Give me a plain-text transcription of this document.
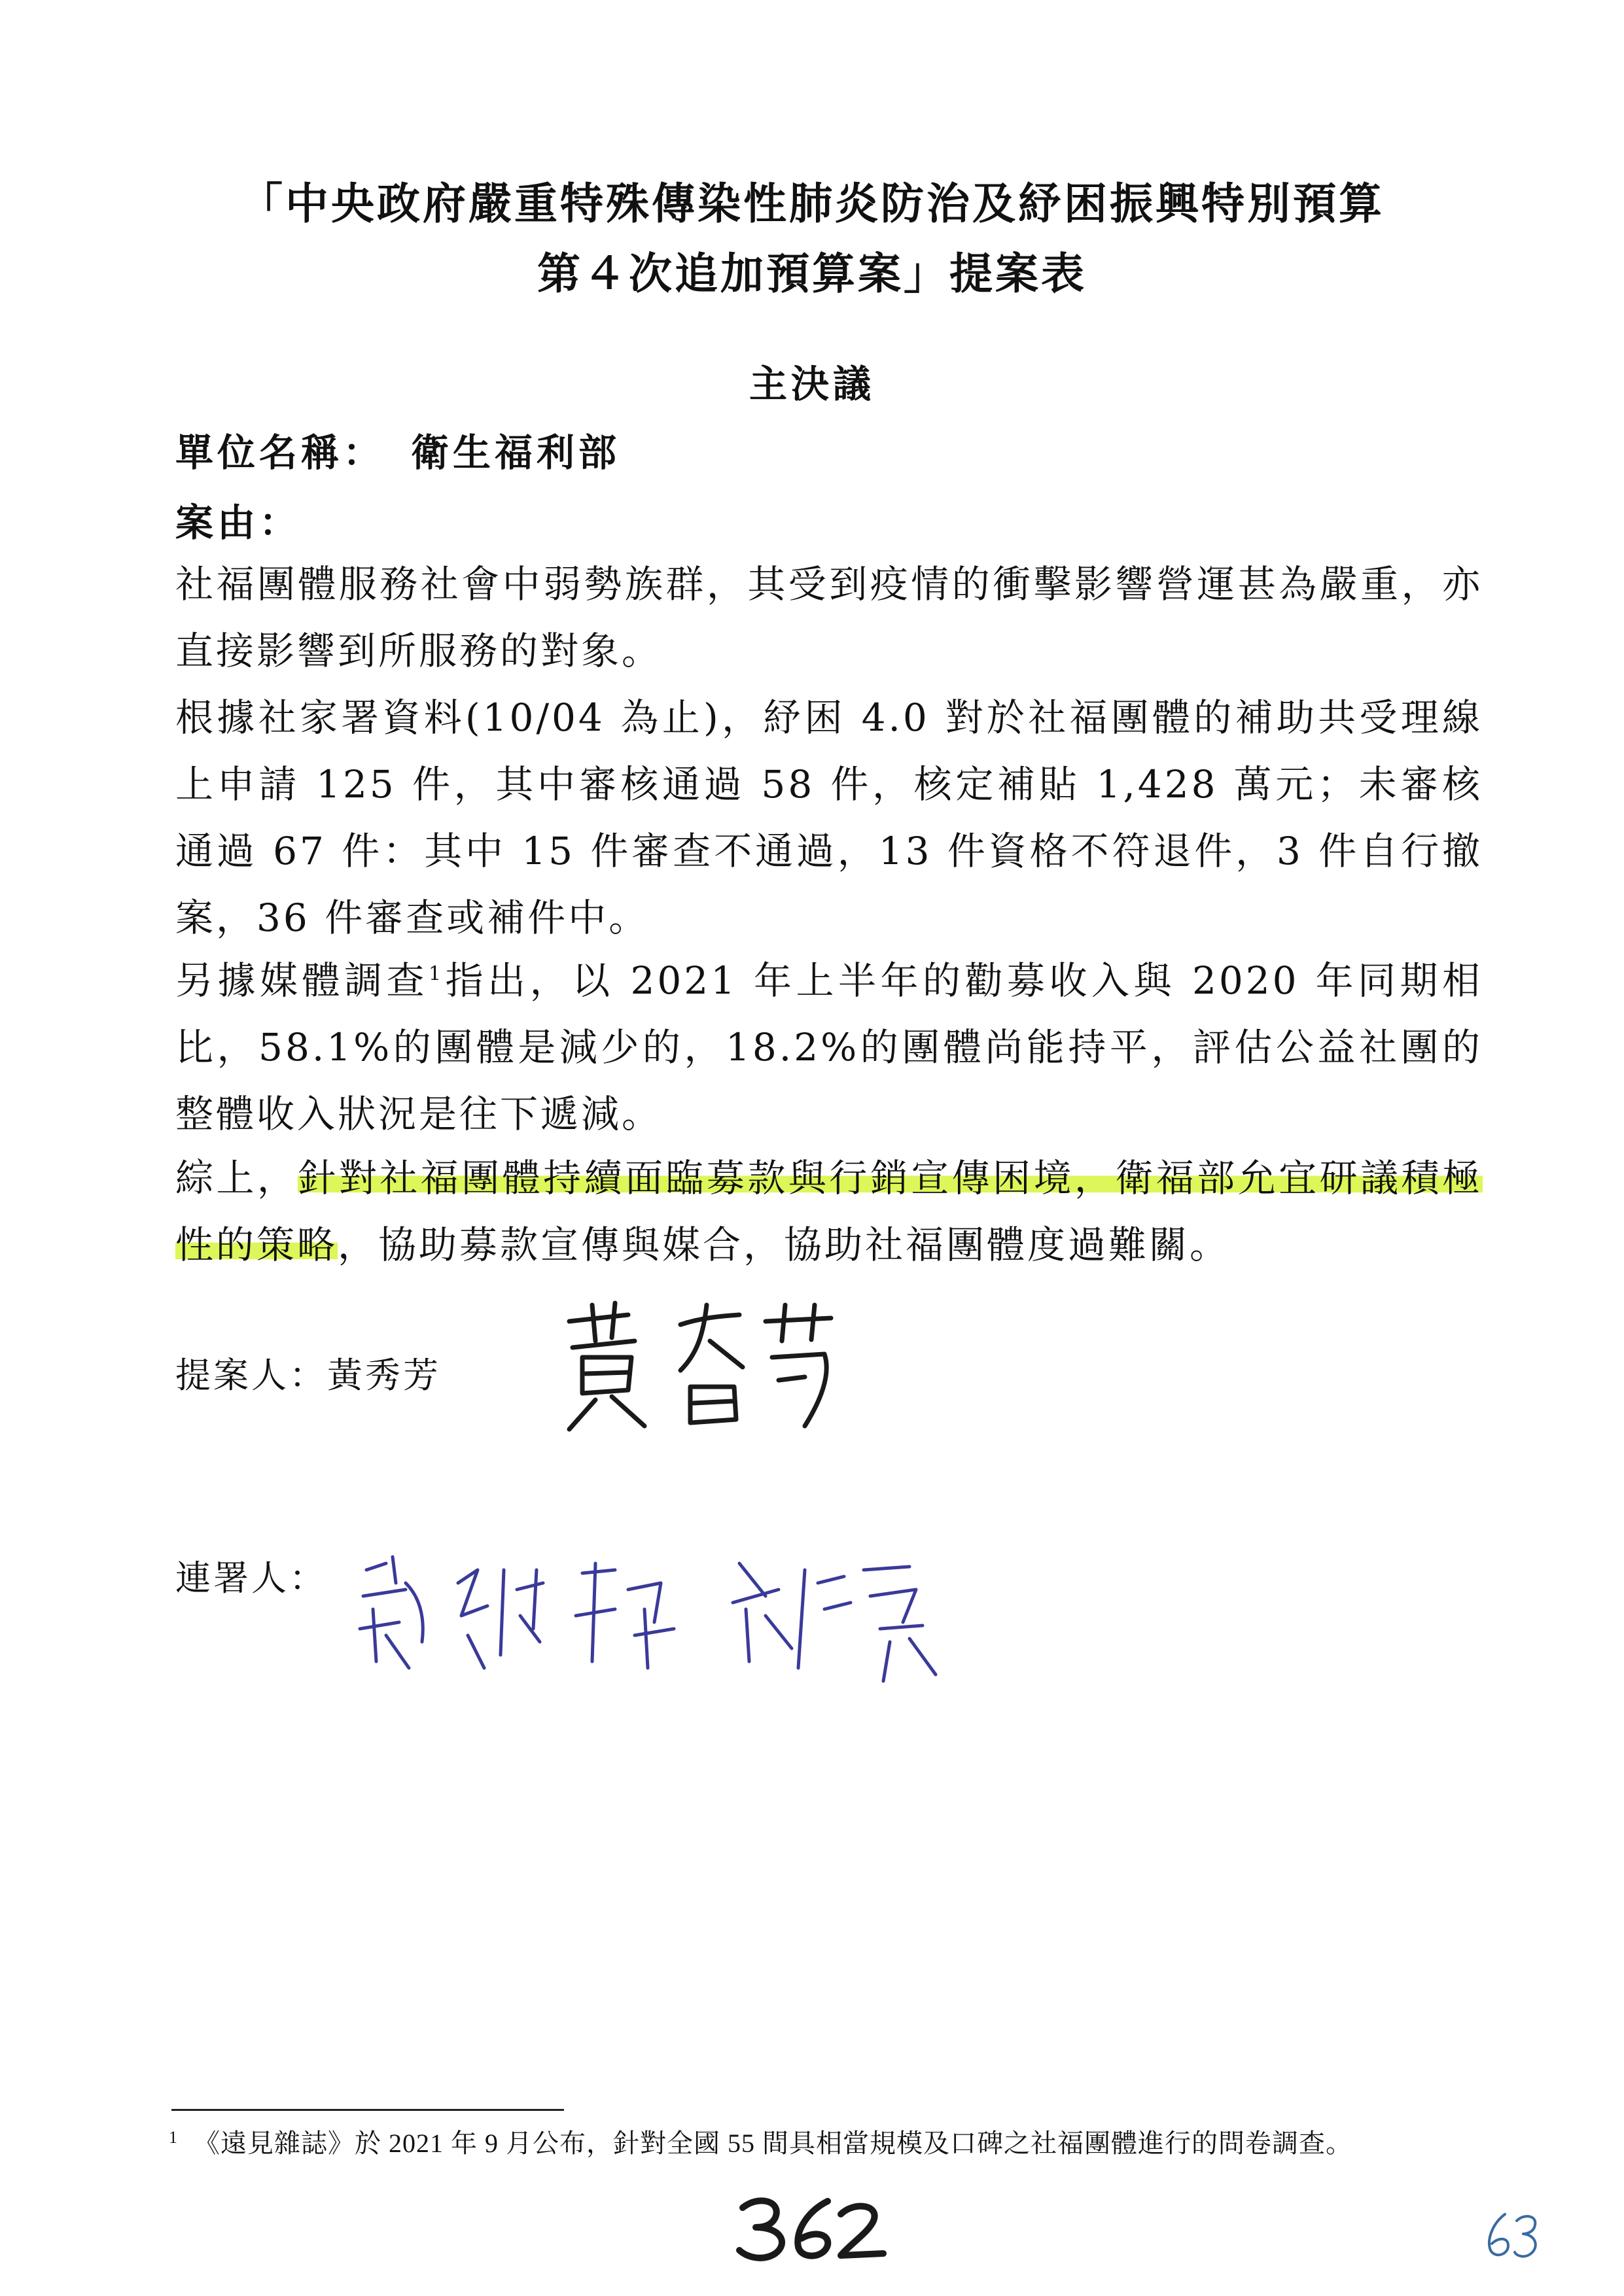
「中央政府嚴重特殊傳染性肺炎防治及紓困振興特別預算
第４次追加預算案」提案表
主決議
單位名稱： 衛生福利部
案由：

社福團體服務社會中弱勢族群，其受到疫情的衝擊影響營運甚為嚴重，亦直接影響到所服務的對象。

根據社家署資料(10/04 為止)，紓困 4.0 對於社福團體的補助共受理線上申請 125 件，其中審核通過 58 件，核定補貼 1,428 萬元；未審核通過 67 件：其中 15 件審查不通過，13 件資格不符退件，3 件自行撤案，36 件審查或補件中。

另據媒體調查$^1$指出，以 2021 年上半年的勸募收入與 2020 年同期相比，58.1%的團體是減少的，18.2%的團體尚能持平，評估公益社團的整體收入狀況是往下遞減。

綜上，針對社福團體持續面臨募款與行銷宣傳困境，衛福部允宜研議積極性的策略，協助募款宣傳與媒合，協助社福團體度過難關。

提案人：黃秀芳
連署人：
$^1$ 《遠見雜誌》於 2021 年 9 月公布，針對全國 55 間具相當規模及口碑之社福團體進行的問卷調查。
